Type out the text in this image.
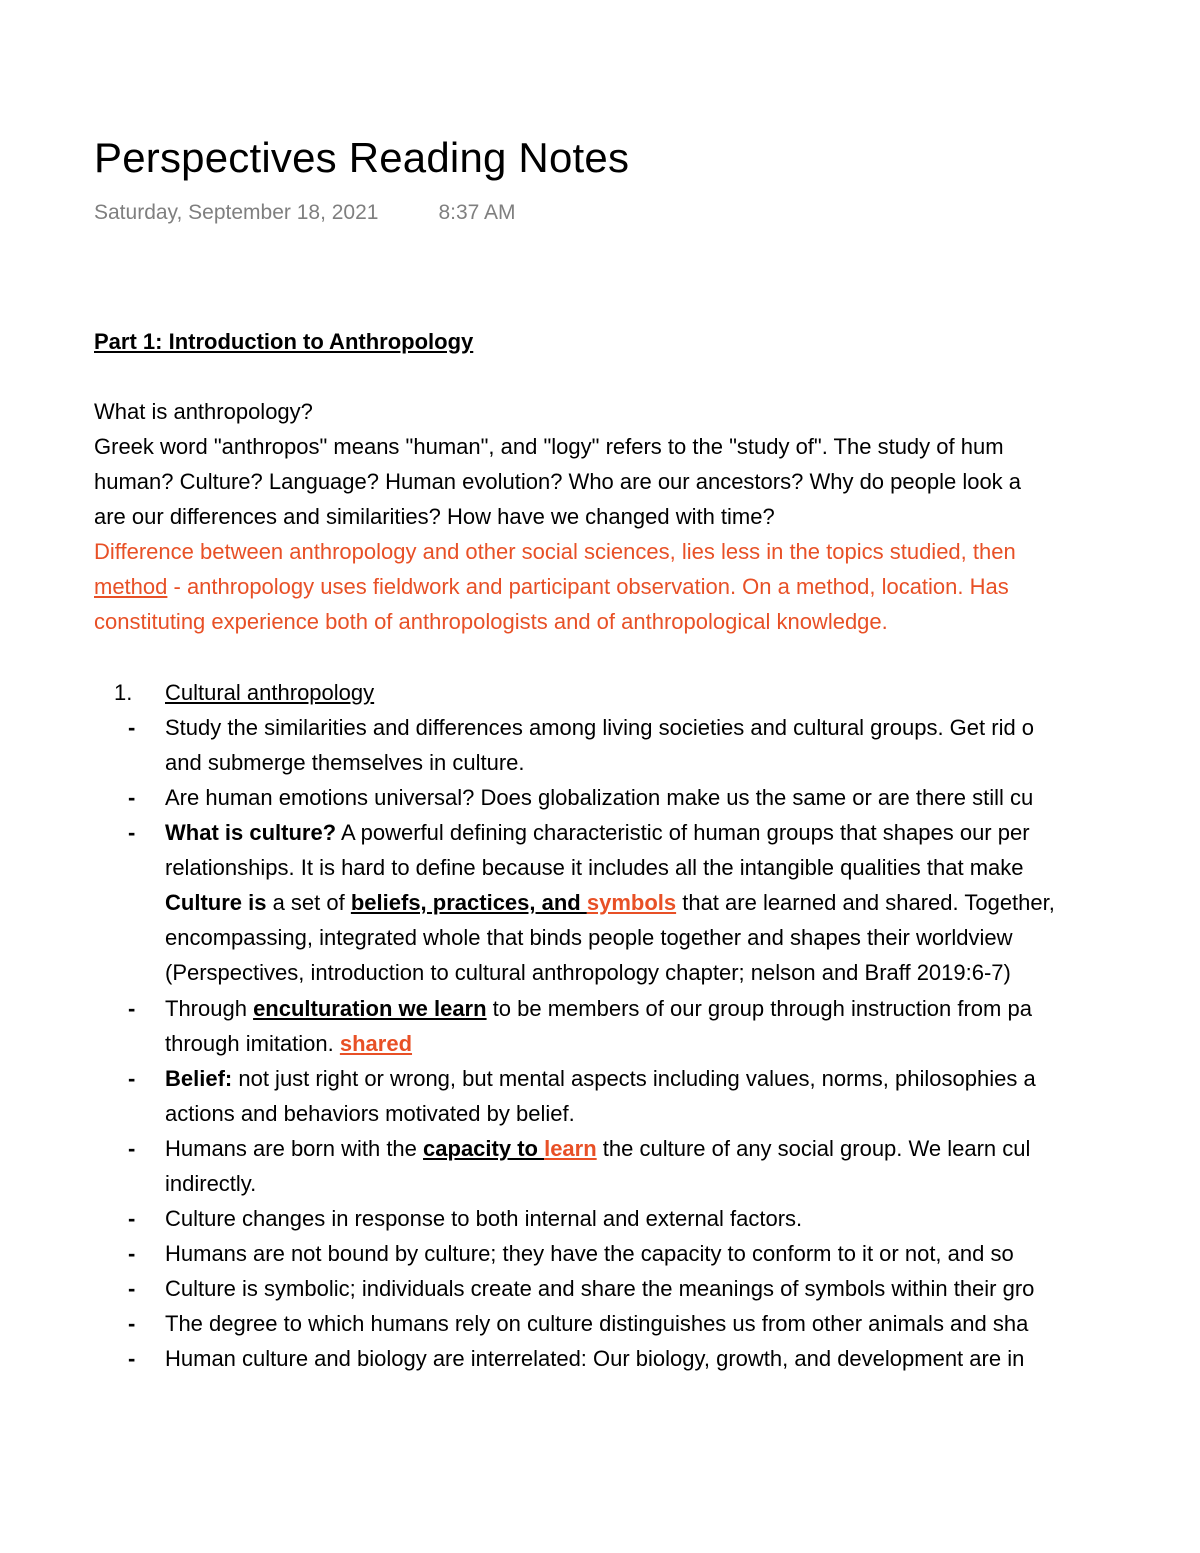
Perspectives Reading Notes
Saturday, September 18, 2021	8:37 AM
Part 1: Introduction to Anthropology
What is anthropology?
Greek word "anthropos" means "human", and "logy" refers to the "study of". The study of hum
human? Culture? Language? Human evolution? Who are our ancestors? Why do people look a
are our differences and similarities? How have we changed with time?
Difference between anthropology and other social sciences, lies less in the topics studied, then
method - anthropology uses fieldwork and participant observation. On a method, location. Has
constituting experience both of anthropologists and of anthropological knowledge.
1. Cultural anthropology
- Study the similarities and differences among living societies and cultural groups. Get rid o
and submerge themselves in culture.
- Are human emotions universal? Does globalization make us the same or are there still cu
- What is culture? A powerful defining characteristic of human groups that shapes our per
relationships. It is hard to define because it includes all the intangible qualities that make
Culture is a set of beliefs, practices, and symbols that are learned and shared. Together,
encompassing, integrated whole that binds people together and shapes their worldview
(Perspectives, introduction to cultural anthropology chapter; nelson and Braff 2019:6-7)
- Through enculturation we learn to be members of our group through instruction from pa
through imitation. shared
- Belief: not just right or wrong, but mental aspects including values, norms, philosophies a
actions and behaviors motivated by belief.
- Humans are born with the capacity to learn the culture of any social group. We learn cul
indirectly.
- Culture changes in response to both internal and external factors.
- Humans are not bound by culture; they have the capacity to conform to it or not, and so
- Culture is symbolic; individuals create and share the meanings of symbols within their gro
- The degree to which humans rely on culture distinguishes us from other animals and sha
- Human culture and biology are interrelated: Our biology, growth, and development are in
